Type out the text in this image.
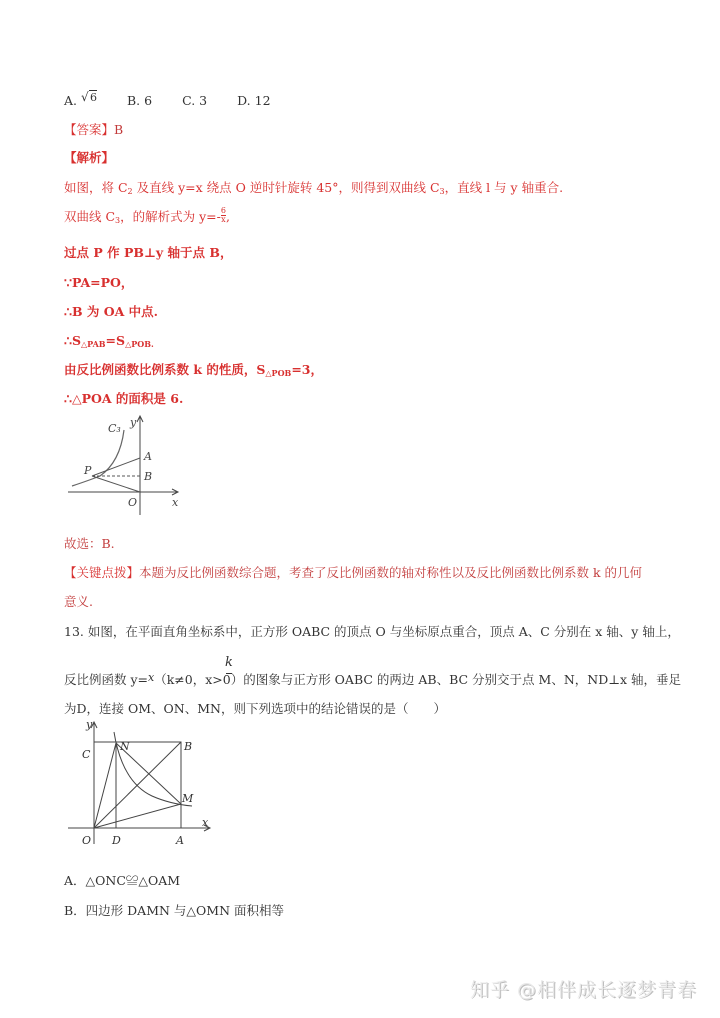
A. √ 6 B. 6 C. 3 D. 12
【答案】B
【解析】
如图，将 $C_2$ 及直线 y=x 绕点 O 逆时针旋转 45°，则得到双曲线 $C_3$，直线 l 与 y 轴重合.
双曲线 $C_3$，的解析式为 $y=- \frac{6}{x}$ ,
过点 P 作 PB⊥y 轴于点 B，
∵PA=PO，
∴B 为 OA 中点.
$\therefore S_{\triangle PAB}=S_{\triangle POB.}$
由反比例函数比例系数 k 的性质，$S_{\triangle POB}=3$，
∴△POA 的面积是 6.
C₃ y
A
B
P
O	x
故选：B.
【关键点拨】本题为反比例函数综合题，考查了反比例函数的轴对称性以及反比例函数比例系数 k 的几何
意义.
13. 如图，在平面直角坐标系中，正方形 OABC 的顶点 O 与坐标原点重合，顶点 A、C 分别在 x 轴、y 轴上，
k
反比例函数 y=x（k≠0，x>0）的图象与正方形 OABC 的两边 AB、BC 分别交于点 M、N，ND⊥x 轴，垂足
为D，连接 OM、ON、MN，则下列选项中的结论错误的是（　　）
y
C
N	B
M
x
O D	A
A．△ONC≌△OAM
B．四边形 DAMN 与△OMN 面积相等
知乎 @相伴成长逐梦青春
